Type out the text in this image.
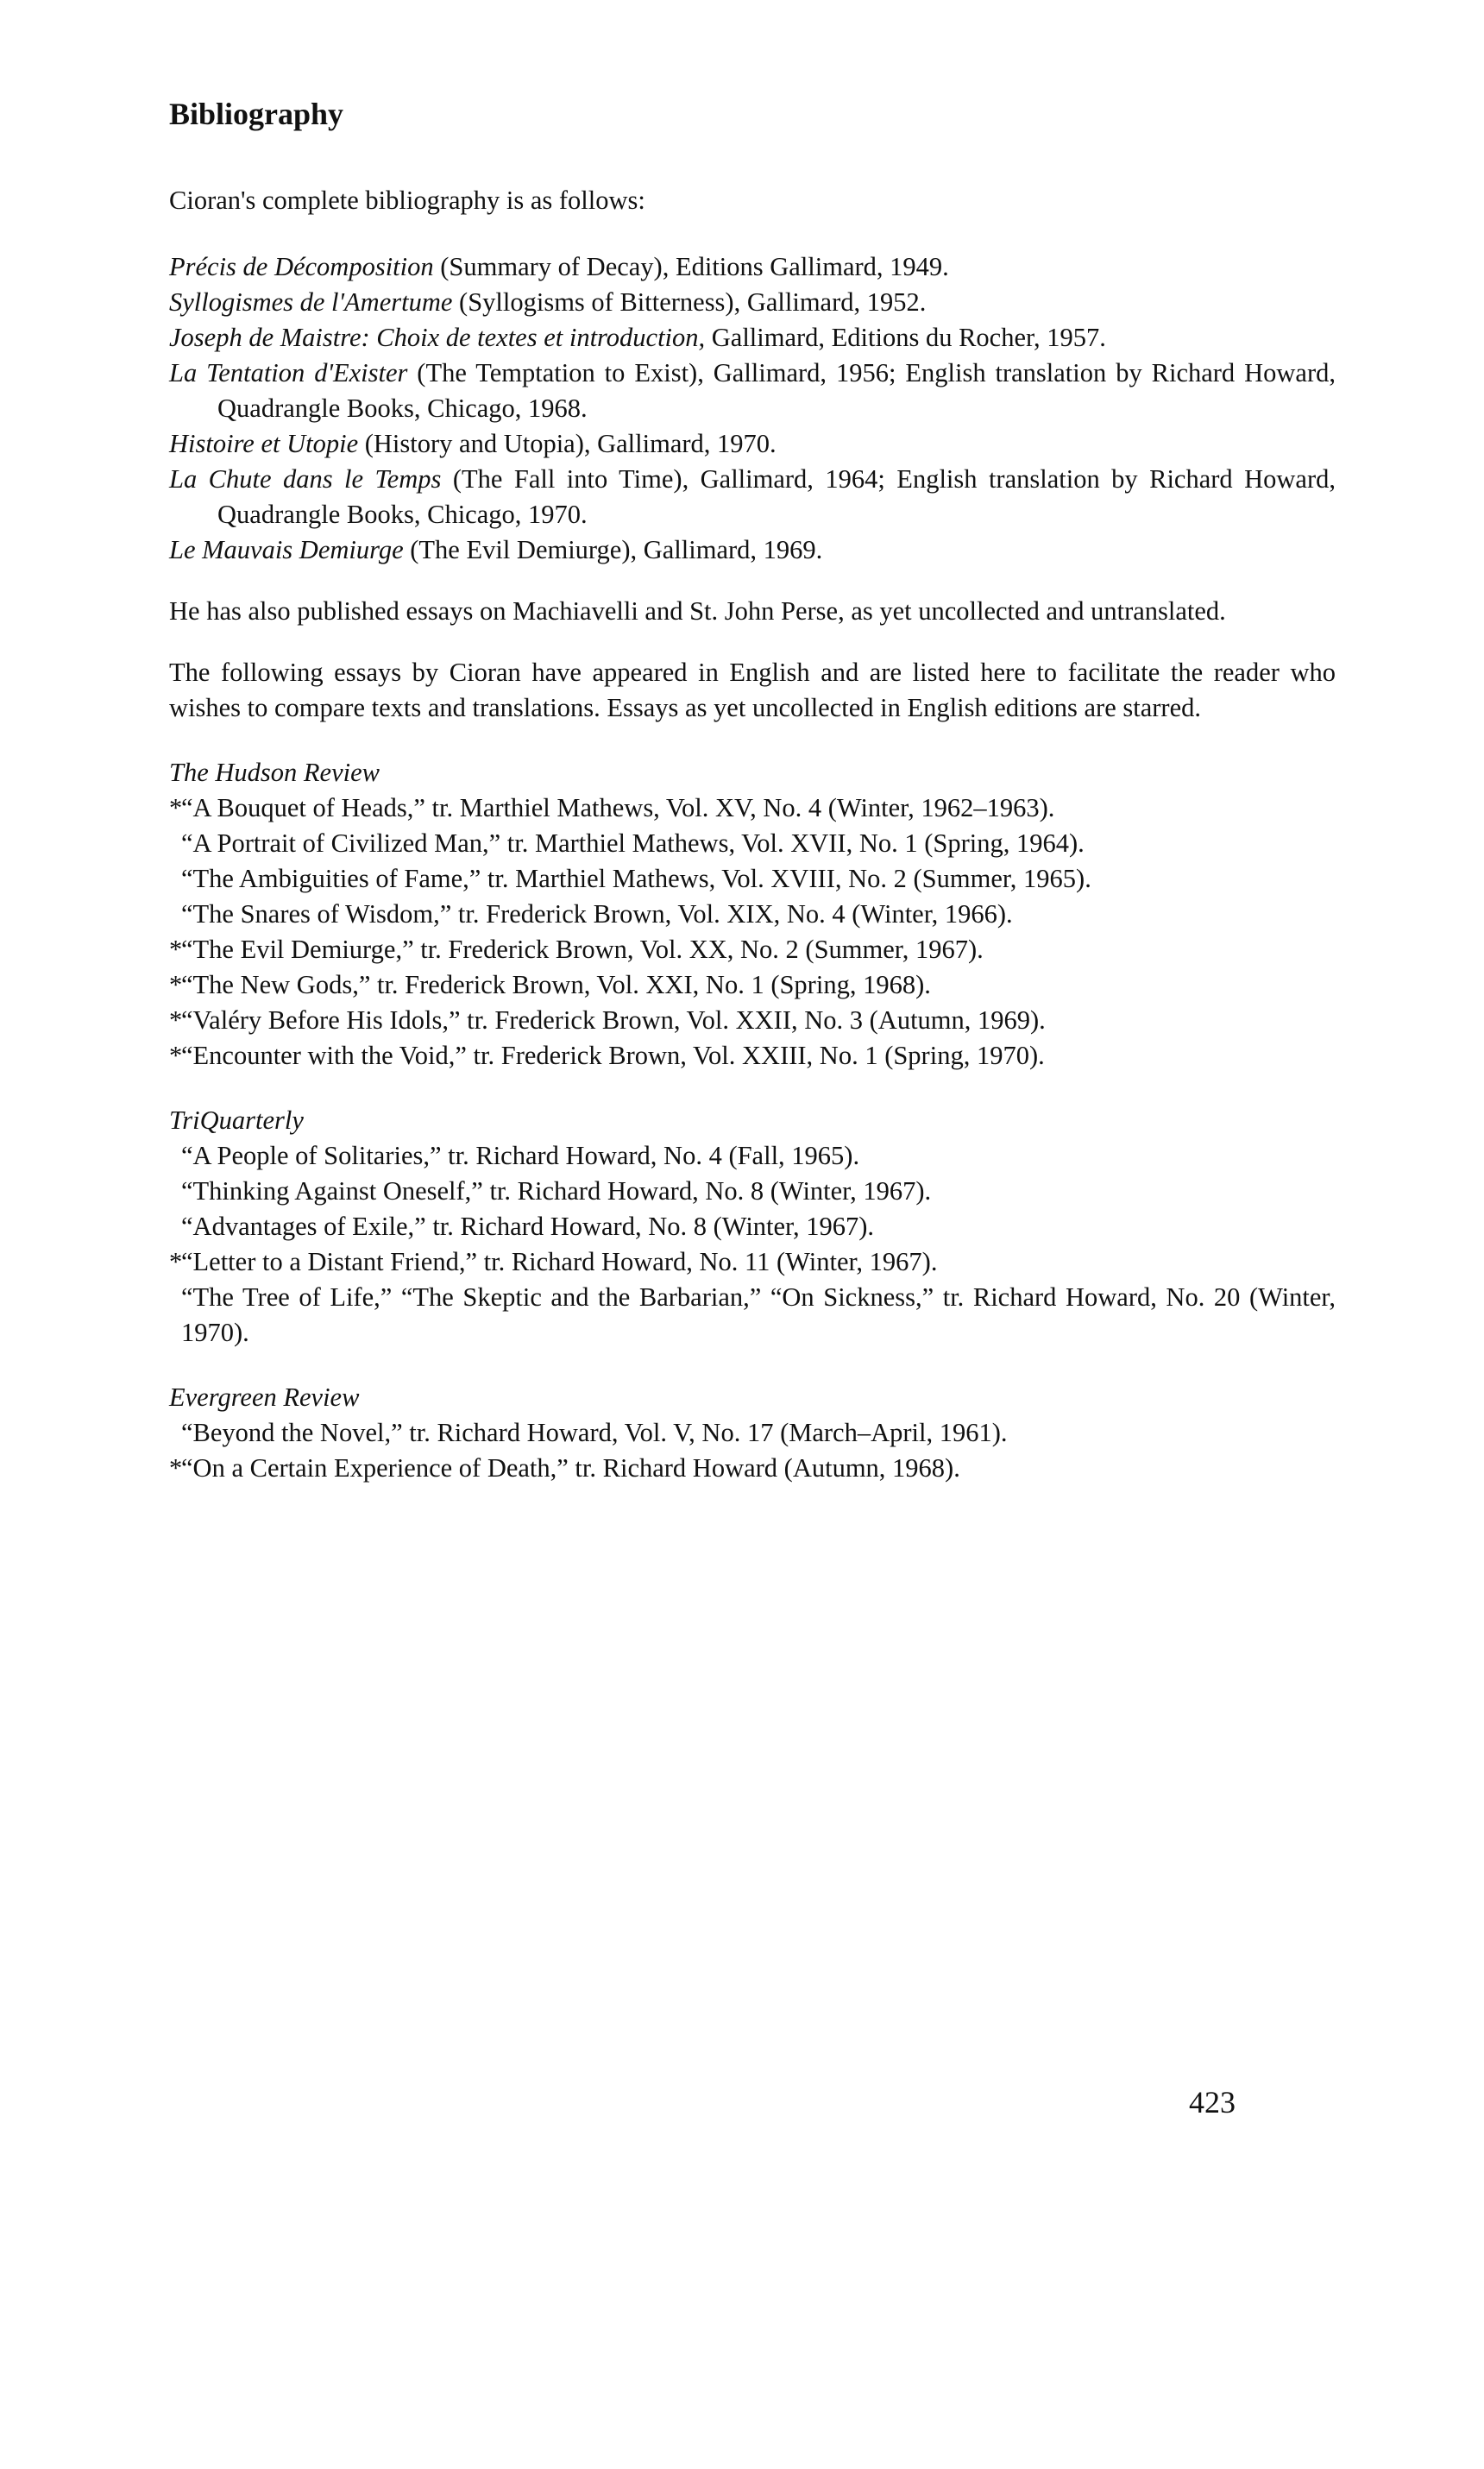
Bibliography

Cioran's complete bibliography is as follows:

Précis de Décomposition (Summary of Decay), Editions Gallimard, 1949.

Syllogismes de l'Amertume (Syllogisms of Bitterness), Gallimard, 1952.

Joseph de Maistre: Choix de textes et introduction, Gallimard, Editions du Rocher, 1957.

La Tentation d'Exister (The Temptation to Exist), Gallimard, 1956; English translation by Richard Howard, Quadrangle Books, Chicago, 1968.

Histoire et Utopie (History and Utopia), Gallimard, 1970.

La Chute dans le Temps (The Fall into Time), Gallimard, 1964; English translation by Richard Howard, Quadrangle Books, Chicago, 1970.

Le Mauvais Demiurge (The Evil Demiurge), Gallimard, 1969.

He has also published essays on Machiavelli and St. John Perse, as yet uncollected and untranslated.

The following essays by Cioran have appeared in English and are listed here to facilitate the reader who wishes to compare texts and translations. Essays as yet uncollected in English editions are starred.

The Hudson Review

*“A Bouquet of Heads,” tr. Marthiel Mathews, Vol. XV, No. 4 (Winter, 1962–1963).

“A Portrait of Civilized Man,” tr. Marthiel Mathews, Vol. XVII, No. 1 (Spring, 1964).

“The Ambiguities of Fame,” tr. Marthiel Mathews, Vol. XVIII, No. 2 (Summer, 1965).

“The Snares of Wisdom,” tr. Frederick Brown, Vol. XIX, No. 4 (Winter, 1966).

*“The Evil Demiurge,” tr. Frederick Brown, Vol. XX, No. 2 (Summer, 1967).

*“The New Gods,” tr. Frederick Brown, Vol. XXI, No. 1 (Spring, 1968).

*“Valéry Before His Idols,” tr. Frederick Brown, Vol. XXII, No. 3 (Autumn, 1969).

*“Encounter with the Void,” tr. Frederick Brown, Vol. XXIII, No. 1 (Spring, 1970).

TriQuarterly

“A People of Solitaries,” tr. Richard Howard, No. 4 (Fall, 1965).

“Thinking Against Oneself,” tr. Richard Howard, No. 8 (Winter, 1967).

“Advantages of Exile,” tr. Richard Howard, No. 8 (Winter, 1967).

*“Letter to a Distant Friend,” tr. Richard Howard, No. 11 (Winter, 1967).

“The Tree of Life,” “The Skeptic and the Barbarian,” “On Sickness,” tr. Richard Howard, No. 20 (Winter, 1970).

Evergreen Review

“Beyond the Novel,” tr. Richard Howard, Vol. V, No. 17 (March–April, 1961).

*“On a Certain Experience of Death,” tr. Richard Howard (Autumn, 1968).

423
